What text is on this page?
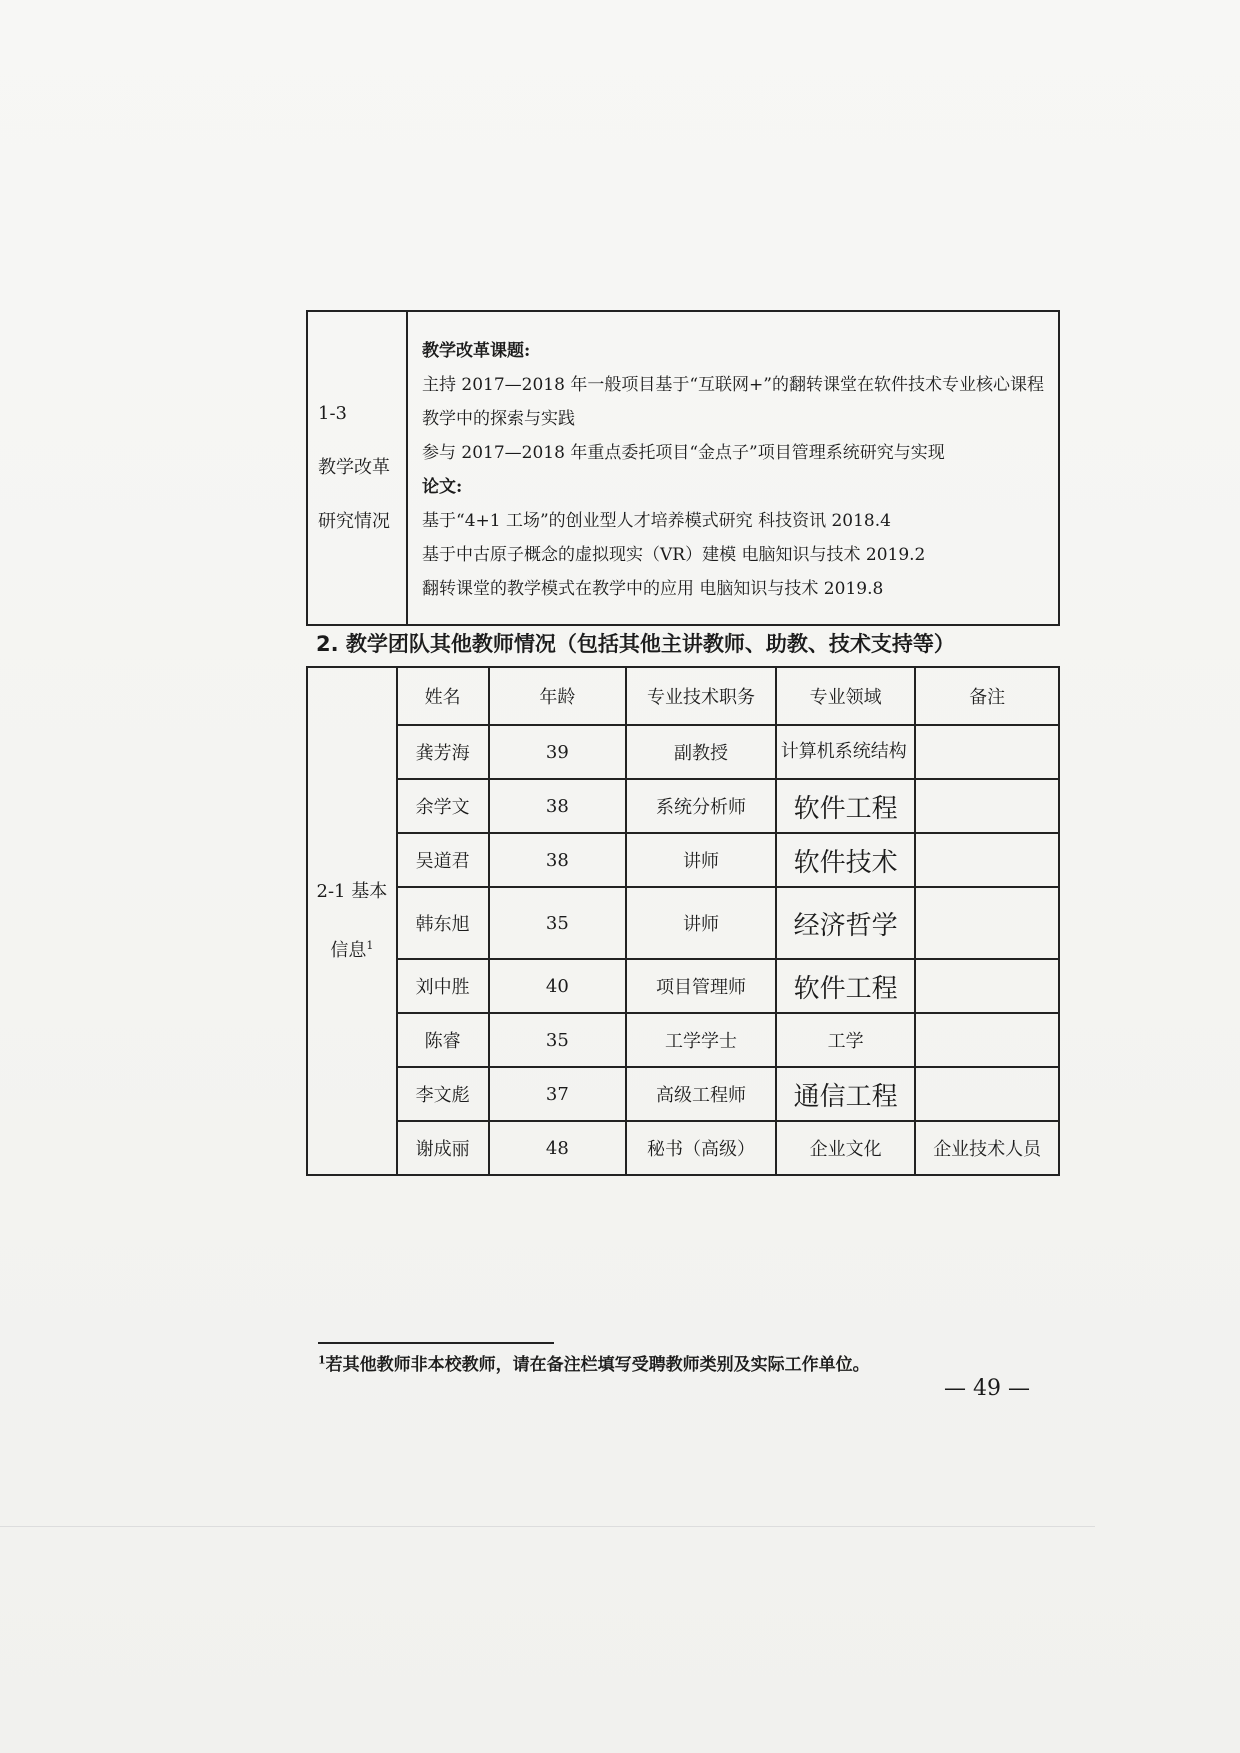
1-3
教学改革
研究情况
教学改革课题:
主持 2017—2018 年一般项目基于“互联网+”的翻转课堂在软件技术专业核心课程教学中的探索与实践
参与 2017—2018 年重点委托项目“金点子”项目管理系统研究与实现
论文:
基于“4+1 工场”的创业型人才培养模式研究 科技资讯 2018.4
基于中古原子概念的虚拟现实（VR）建模 电脑知识与技术 2019.2
翻转课堂的教学模式在教学中的应用 电脑知识与技术 2019.8
2. 教学团队其他教师情况（包括其他主讲教师、助教、技术支持等）
2-1 基本
信息$^1$	姓名	年龄	专业技术职务	专业领域	备注
	龚芳海	39	副教授	计算机系统结构	
	余学文	38	系统分析师	软件工程	
	吴道君	38	讲师	软件技术	
	韩东旭	35	讲师	经济哲学	
	刘中胜	40	项目管理师	软件工程	
	陈睿	35	工学学士	工学	
	李文彪	37	高级工程师	通信工程	
	谢成丽	48	秘书（高级）	企业文化	企业技术人员
$^1$若其他教师非本校教师，请在备注栏填写受聘教师类别及实际工作单位。
— 49 —
